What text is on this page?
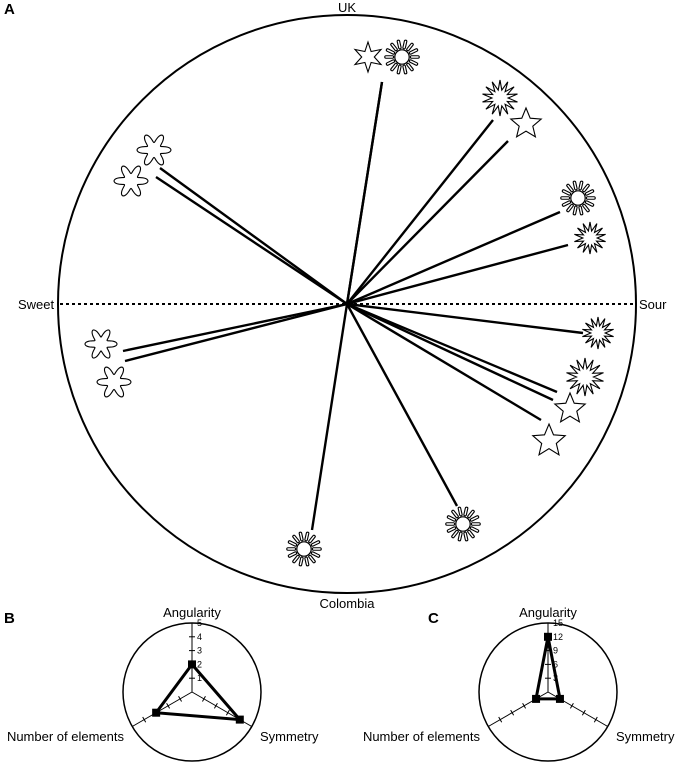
A	UK
Colombia
Sweet	Sour
B
1
2
3
4
5
Angularity
Symmetry
Number of elements
C
3
6
9
12
15
Angularity
Symmetry
Number of elements
